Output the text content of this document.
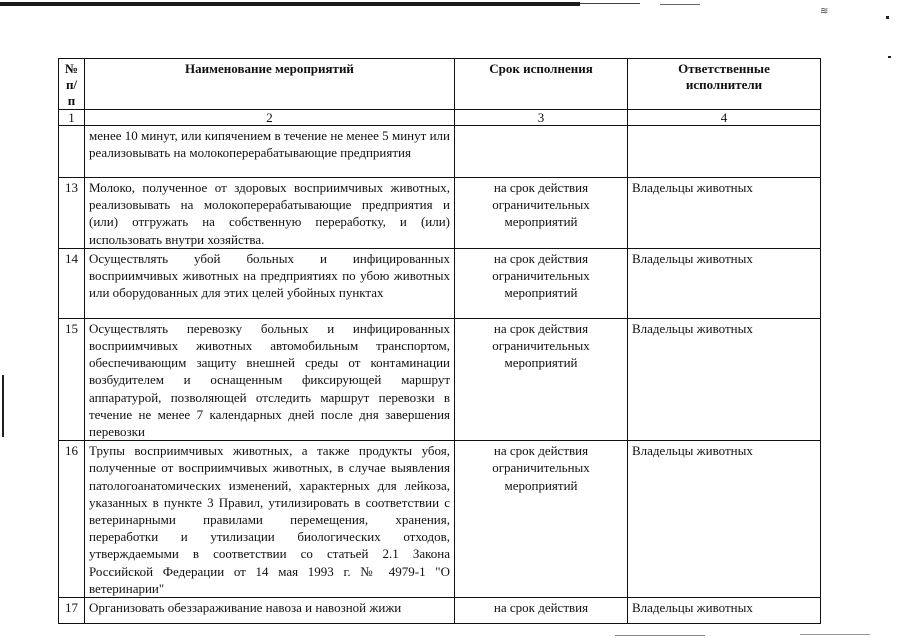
≋
№ п/п	Наименование мероприятий	Срок исполнения	Ответственные исполнители
1	2	3	4
	менее 10 минут, или кипячением в течение не менее 5 минут или реализовывать на молокоперерабатывающие предприятия		
13	Молоко, полученное от здоровых восприимчивых животных, реализовывать на молокоперерабатывающие предприятия и (или) отгружать на собственную переработку, и (или) использовать внутри хозяйства.	на срок действия ограничительных мероприятий	Владельцы животных
14	Осуществлять убой больных и инфицированных восприимчивых животных на предприятиях по убою животных или оборудованных для этих целей убойных пунктах	на срок действия ограничительных мероприятий	Владельцы животных
15	Осуществлять перевозку больных и инфицированных восприимчивых животных автомобильным транспортом, обеспечивающим защиту внешней среды от контаминации возбудителем и оснащенным фиксирующей маршрут аппаратурой, позволяющей отследить маршрут перевозки в течение не менее 7 календарных дней после дня завершения перевозки	на срок действия ограничительных мероприятий	Владельцы животных
16	Трупы восприимчивых животных, а также продукты убоя, полученные от восприимчивых животных, в случае выявления патологоанатомических изменений, характерных для лейкоза, указанных в пункте 3 Правил, утилизировать в соответствии с ветеринарными правилами перемещения, хранения, переработки и утилизации биологических отходов, утверждаемыми в соответствии со статьей 2.1 Закона Российской Федерации от 14 мая 1993 г. № 4979-1 "О ветеринарии"	на срок действия ограничительных мероприятий	Владельцы животных
17	Организовать обеззараживание навоза и навозной жижи	на срок действия	Владельцы животных
